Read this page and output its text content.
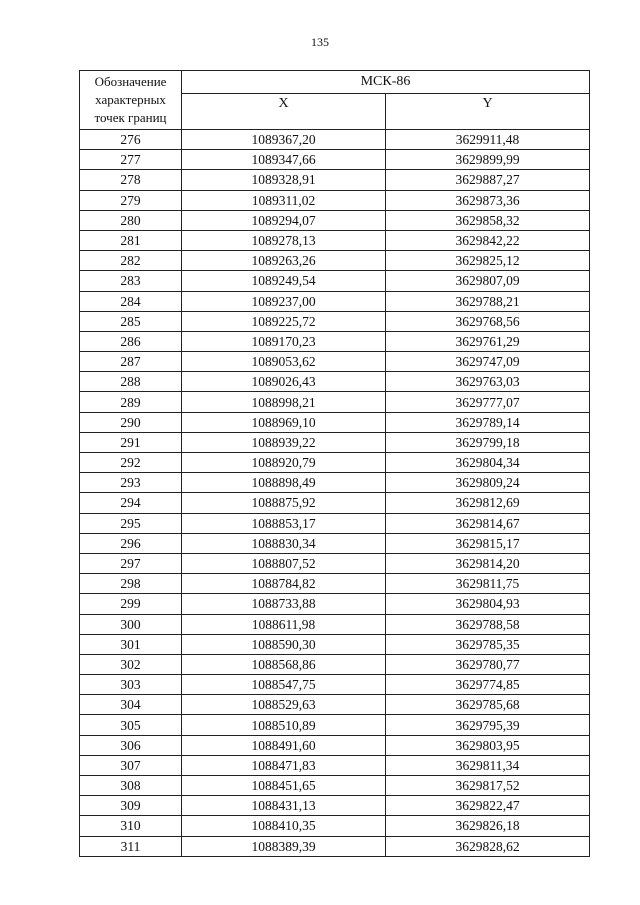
135
Обозначение характерных точек границ	МСК-86	
	X	Y
276	1089367,20	3629911,48
277	1089347,66	3629899,99
278	1089328,91	3629887,27
279	1089311,02	3629873,36
280	1089294,07	3629858,32
281	1089278,13	3629842,22
282	1089263,26	3629825,12
283	1089249,54	3629807,09
284	1089237,00	3629788,21
285	1089225,72	3629768,56
286	1089170,23	3629761,29
287	1089053,62	3629747,09
288	1089026,43	3629763,03
289	1088998,21	3629777,07
290	1088969,10	3629789,14
291	1088939,22	3629799,18
292	1088920,79	3629804,34
293	1088898,49	3629809,24
294	1088875,92	3629812,69
295	1088853,17	3629814,67
296	1088830,34	3629815,17
297	1088807,52	3629814,20
298	1088784,82	3629811,75
299	1088733,88	3629804,93
300	1088611,98	3629788,58
301	1088590,30	3629785,35
302	1088568,86	3629780,77
303	1088547,75	3629774,85
304	1088529,63	3629785,68
305	1088510,89	3629795,39
306	1088491,60	3629803,95
307	1088471,83	3629811,34
308	1088451,65	3629817,52
309	1088431,13	3629822,47
310	1088410,35	3629826,18
311	1088389,39	3629828,62
